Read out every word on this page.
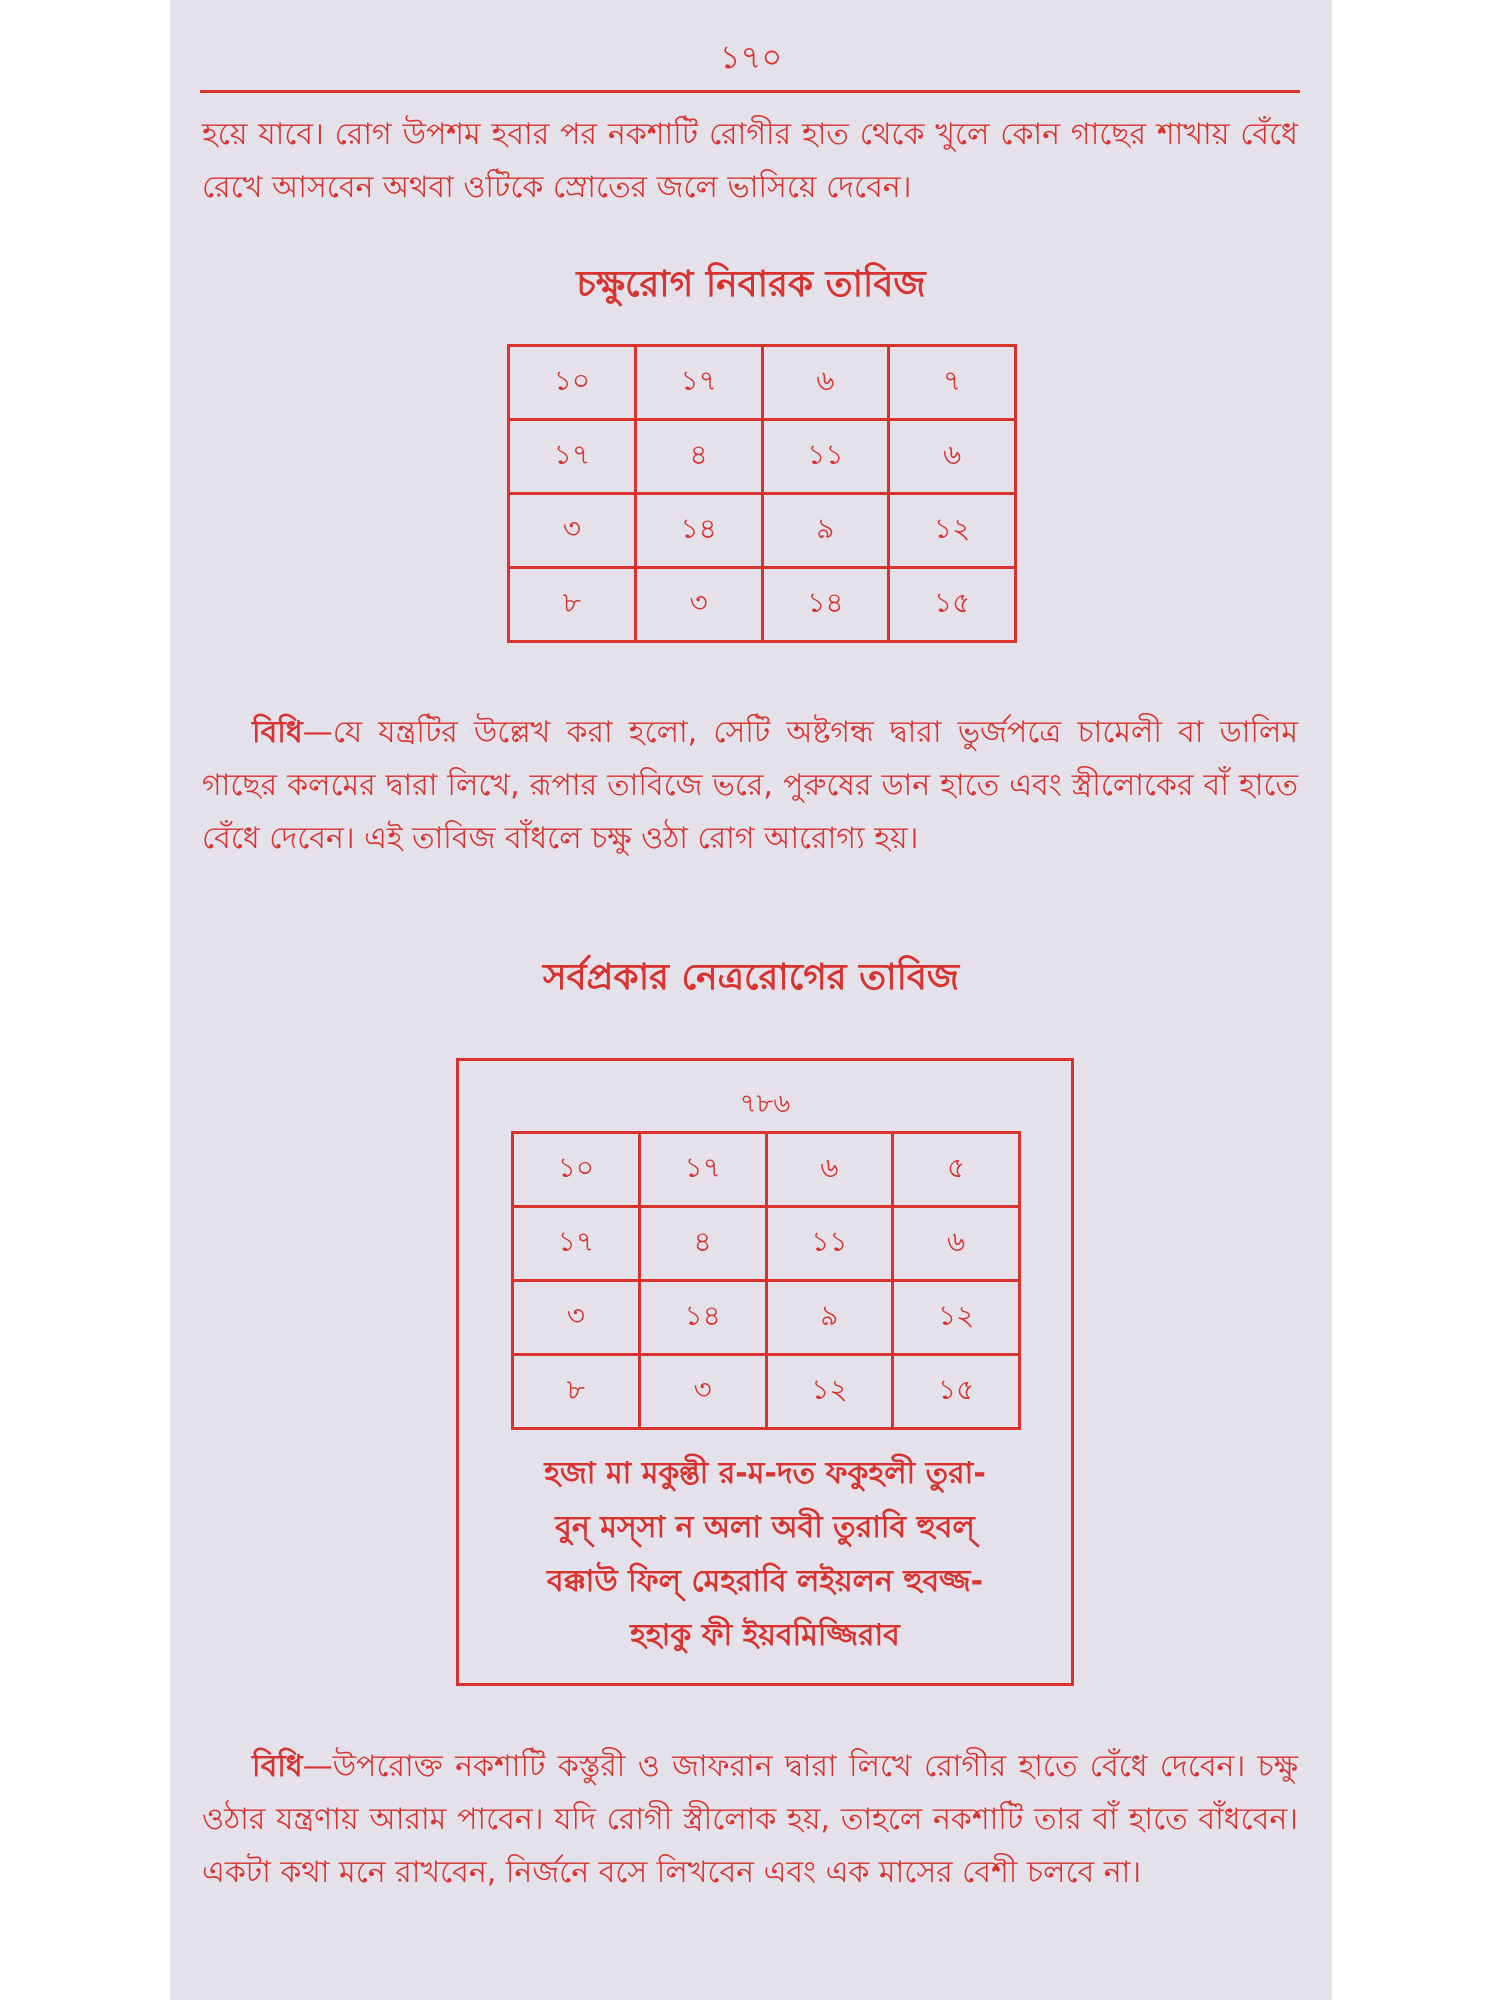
১৭০

হয়ে যাবে। রোগ উপশম হবার পর নকশাটি রোগীর হাত থেকে খুলে কোন গাছের শাখায় বেঁধে রেখে আসবেন অথবা ওটিকে স্রোতের জলে ভাসিয়ে দেবেন।

চক্ষুরোগ নিবারক তাবিজ
১০	১৭	৬	৭
১৭	৪	১১	৬
৩	১৪	৯	১২
৮	৩	১৪	১৫

বিধি—যে যন্ত্রটির উল্লেখ করা হলো, সেটি অষ্টগন্ধ দ্বারা ভুর্জপত্রে চামেলী বা ডালিম গাছের কলমের দ্বারা লিখে, রূপার তাবিজে ভরে, পুরুষের ডান হাতে এবং স্ত্রীলোকের বাঁ হাতে বেঁধে দেবেন। এই তাবিজ বাঁধলে চক্ষু ওঠা রোগ আরোগ্য হয়।

সর্বপ্রকার নেত্ররোগের তাবিজ
৭৮৬
১০	১৭	৬	৫
১৭	৪	১১	৬
৩	১৪	৯	১২
৮	৩	১২	১৫
হজা মা মকুল্তী র-ম-দত ফকুহলী তুরা-
বুন্ মস্সা ন অলা অবী তুরাবি হুবল্
বক্কাউ ফিল্ মেহরাবি লইয়লন হুবজ্জ-
হহাকু ফী ইয়বমিজ্জিরাব

বিধি—উপরোক্ত নকশাটি কস্তুরী ও জাফরান দ্বারা লিখে রোগীর হাতে বেঁধে দেবেন। চক্ষু ওঠার যন্ত্রণায় আরাম পাবেন। যদি রোগী স্ত্রীলোক হয়, তাহলে নকশাটি তার বাঁ হাতে বাঁধবেন। একটা কথা মনে রাখবেন, নির্জনে বসে লিখবেন এবং এক মাসের বেশী চলবে না।
